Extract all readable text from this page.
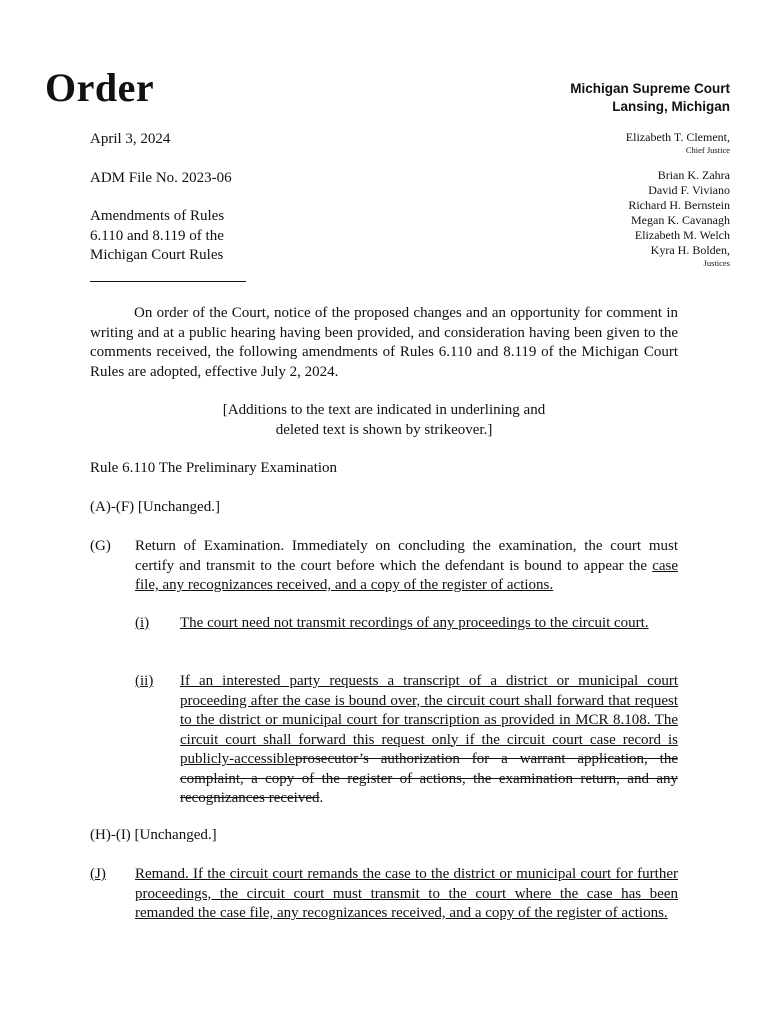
Order	Michigan Supreme Court
Lansing, Michigan
Elizabeth T. Clement,
Chief Justice
Brian K. Zahra
David F. Viviano
Richard H. Bernstein
Megan K. Cavanagh
Elizabeth M. Welch
Kyra H. Bolden,
Justices
April 3, 2024
ADM File No. 2023-06
Amendments of Rules
6.110 and 8.119 of the
Michigan Court Rules
On order of the Court, notice of the proposed changes and an opportunity for comment in writing and at a public hearing having been provided, and consideration having been given to the comments received, the following amendments of Rules 6.110 and 8.119 of the Michigan Court Rules are adopted, effective July 2, 2024.
[Additions to the text are indicated in underlining and
deleted text is shown by strikeover.]
Rule 6.110 The Preliminary Examination
(A)-(F) [Unchanged.]
(G) Return of Examination. Immediately on concluding the examination, the court must certify and transmit to the court before which the defendant is bound to appear the case file, any recognizances received, and a copy of the register of actions.
(i) The court need not transmit recordings of any proceedings to the circuit court.
(ii) If an interested party requests a transcript of a district or municipal court proceeding after the case is bound over, the circuit court shall forward that request to the district or municipal court for transcription as provided in MCR 8.108. The circuit court shall forward this request only if the circuit court case record is publicly-accessibleprosecutor’s authorization for a warrant application, the complaint, a copy of the register of actions, the examination return, and any recognizances received.
(H)-(I) [Unchanged.]
(J) Remand. If the circuit court remands the case to the district or municipal court for further proceedings, the circuit court must transmit to the court where the case has been remanded the case file, any recognizances received, and a copy of the register of actions.
